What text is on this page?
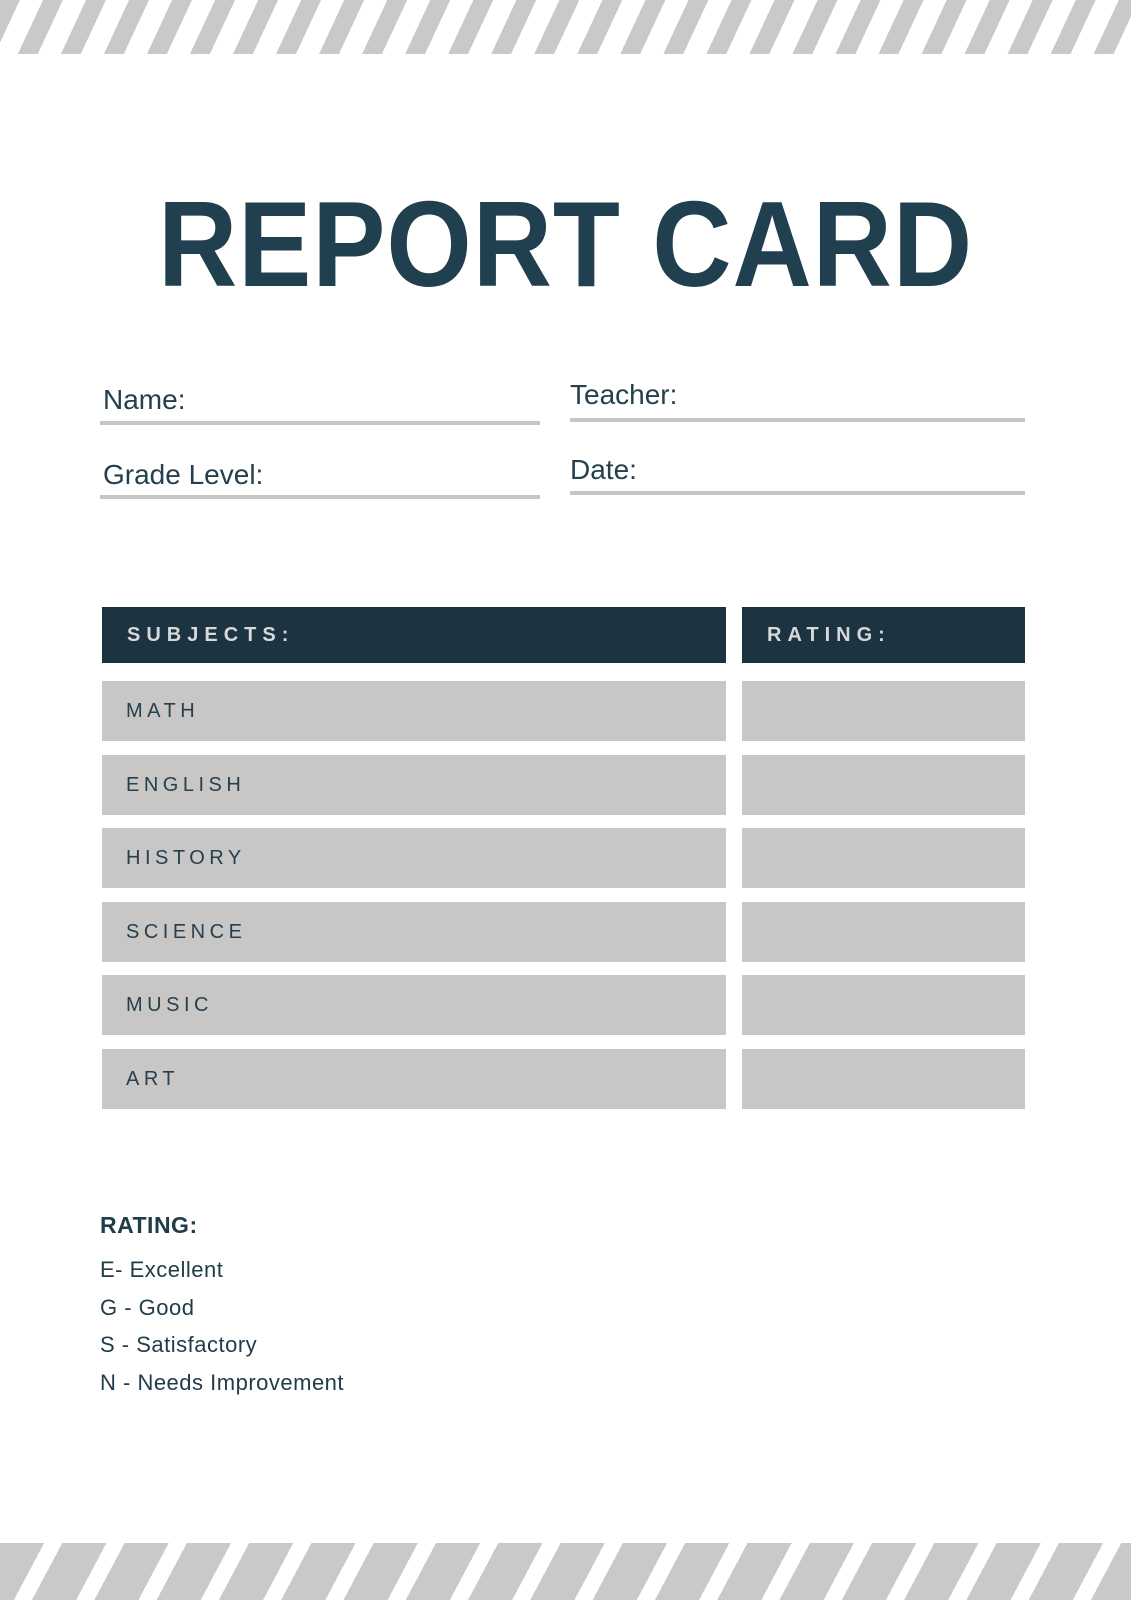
REPORT CARD
Name:	Teacher:
Grade Level:	Date:
SUBJECTS:	RATING:
MATH
ENGLISH
HISTORY
SCIENCE
MUSIC
ART
RATING:
E- Excellent
G - Good
S - Satisfactory
N - Needs Improvement
